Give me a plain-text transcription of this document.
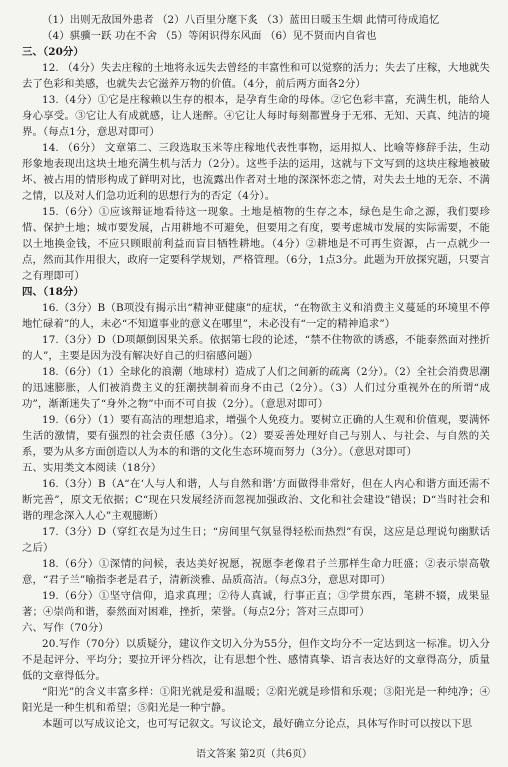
（1）出则无敌国外患者 （2）八百里分麾下炙 （3）蓝田日暖玉生烟 此情可待成追忆

（4）骐骥一跃 功在不舍 （5）等闲识得东风面 （6）见不贤而内自省也

三、（20分）

12. （4分）失去庄稼的土地将永远失去曾经的丰富性和可以觉察的活力；失去了庄稼，大地就失去了色彩和美感，也就失去它滋养万物的价值。（4分，前后两方面各2分）

13.（4分）①它是庄稼赖以生存的根本，是孕育生命的母体。②它色彩丰富，充满生机，能给人身心享受。③它让人有成就感，让人迷醉。④它让人每时每刻都置身于无邪、无知、天真、纯洁的境界。（每点1分，意思对即可）

14. （6分） 文章第二、三段选取玉米等庄稼地代表性事物，运用拟人、比喻等修辞手法，生动形象地表现出这块土地充满生机与活力（2分）。这些手法的运用，这就与下文写到的这块庄稼地被破坏、被占用的情形构成了鲜明对比，也流露出作者对土地的深深怀恋之情，对失去土地的无奈、不满之情，以及对人们急功近利的思想行为的否定（4分）。

15.（6分）①应该辩证地看待这一现象。土地是植物的生存之本，绿色是生命之源，我们要珍惜、保护土地；城市要发展，占用耕地不可避免，但要用之有度，要考虑城市发展的实际需要，不能以土地换金钱，不应只顾眼前利益而盲目牺牲耕地。（4分）②耕地是不可再生资源，占一点就少一点，然而其作用很大，政府一定要科学规划，严格管理。（6分，1点3分。此题为开放探究题，只要言之有理即可）

四、（18分）

16.（3分）B（B项没有揭示出“精神亚健康”的症状，“在物欲主义和消费主义蔓延的环境里不停地忙碌着”的人，未必“不知道事业的意义在哪里”，未必没有“一定的精神追求”）

17.（3分）D（D项颠倒因果关系。依据第七段的论述，“禁不住物欲的诱惑，不能泰然面对挫折的人”，主要是因为没有解决好自己的归宿感问题）

18.（6分）（1）全球化的浪潮（地球村）造成了人们之间新的疏离（2分）。（2）全社会消费思潮的迅速膨胀，人们被消费主义的狂潮挟制着而身不由己（2分）。（3）人们过分重视外在的所谓“成功”，渐渐迷失了“身外之物”中而不可自拔（2分）。（意思对即可）

19.（6分）（1）要有高洁的理想追求，增强个人免疫力。要树立正确的人生观和价值观，要满怀生活的激情，要有强烈的社会责任感（3分）。（2）要妥善处理好自己与别人、与社会、与自然的关系，要为从多方面创造以人为本的和谐的文化生态环境而努力（3分）。（意思对即可）

五、实用类文本阅读（18分）

16.（3分）B（A“在‘人与人和谐，人与自然和谐’方面做得非常好，但在人内心和谐方面还需不断完善”，原文无依据；C“现在只发展经济而忽视加强政治、文化和社会建设”错误；D“当时社会和谐的理念深入人心”主观臆断）

17.（3分）D（穿红衣是为过生日；“房间里气氛显得轻松而热烈”有误，这应是总理说句幽默话之后）

18.（6分）①深情的问候，表达美好祝愿，祝愿李老像君子兰那样生命力旺盛；②表示崇高敬意，“君子兰”喻指李老是君子，清新淡雅、品质高洁。（每点3分，意思对即可）

19.（6分）①坚守信仰，追求真理；②待人真诚，行事正直；③学贯东西，笔耕不辍，成果显著；④崇尚和谐，泰然面对困难，挫折，荣誉。（每点2分；答对三点即可）

六、写作（70分）

20.写作（70分）以质疑分，建议作文切入分为55分，但作文均分不一定达到这一标准。切入分不是起评分、平均分；要拉开评分档次，让有思想个性、感情真挚、语言表达好的文章得高分，质量低的文章得低分。

“阳光”的含义丰富多样：①阳光就是爱和温暖；②阳光就是珍惜和乐观；③阳光是一种纯净；④阳光是一种生机和希望；⑤阳光是一种宁静。

本题可以写成议论文，也可写记叙文。写议论文，最好确立分论点，具体写作时可以按以下思

语文答案 第2页（共6页）
